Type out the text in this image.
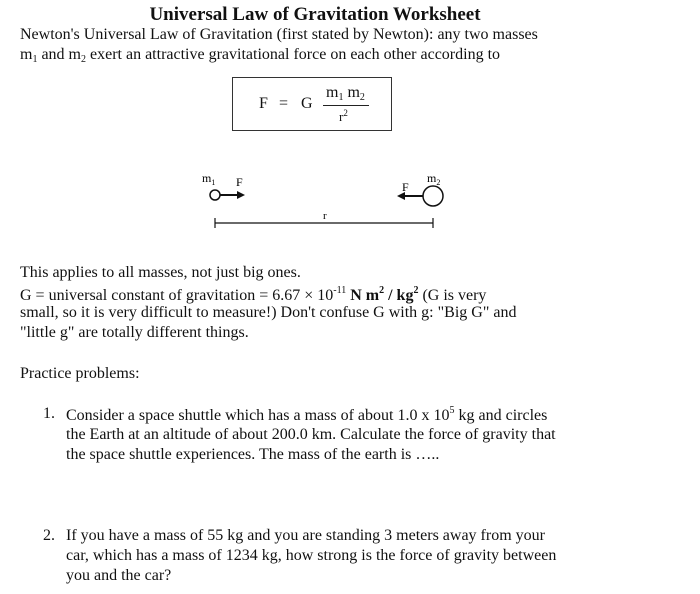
Universal Law of Gravitation Worksheet
Newton's Universal Law of Gravitation (first stated by Newton): any two masses
$m_1$ and $m_2$ exert an attractive gravitational force on each other according to
F = G
$m_1$ $m_2$
$r^2$
$m_1$ F	F
$m_2$
r
This applies to all masses, not just big ones.
G = universal constant of gravitation = $6.67 \times 10^{-11}$ N $m^2 / kg^2$ (G is very
small, so it is very difficult to measure!) Don't confuse G with g: "Big G" and
"little g" are totally different things.
Practice problems:
1. Consider a space shuttle which has a mass of about 1.0 x $10^5$ kg and circles
the Earth at an altitude of about 200.0 km. Calculate the force of gravity that
the space shuttle experiences. The mass of the earth is …..
2. If you have a mass of 55 kg and you are standing 3 meters away from your
car, which has a mass of 1234 kg, how strong is the force of gravity between
you and the car?
